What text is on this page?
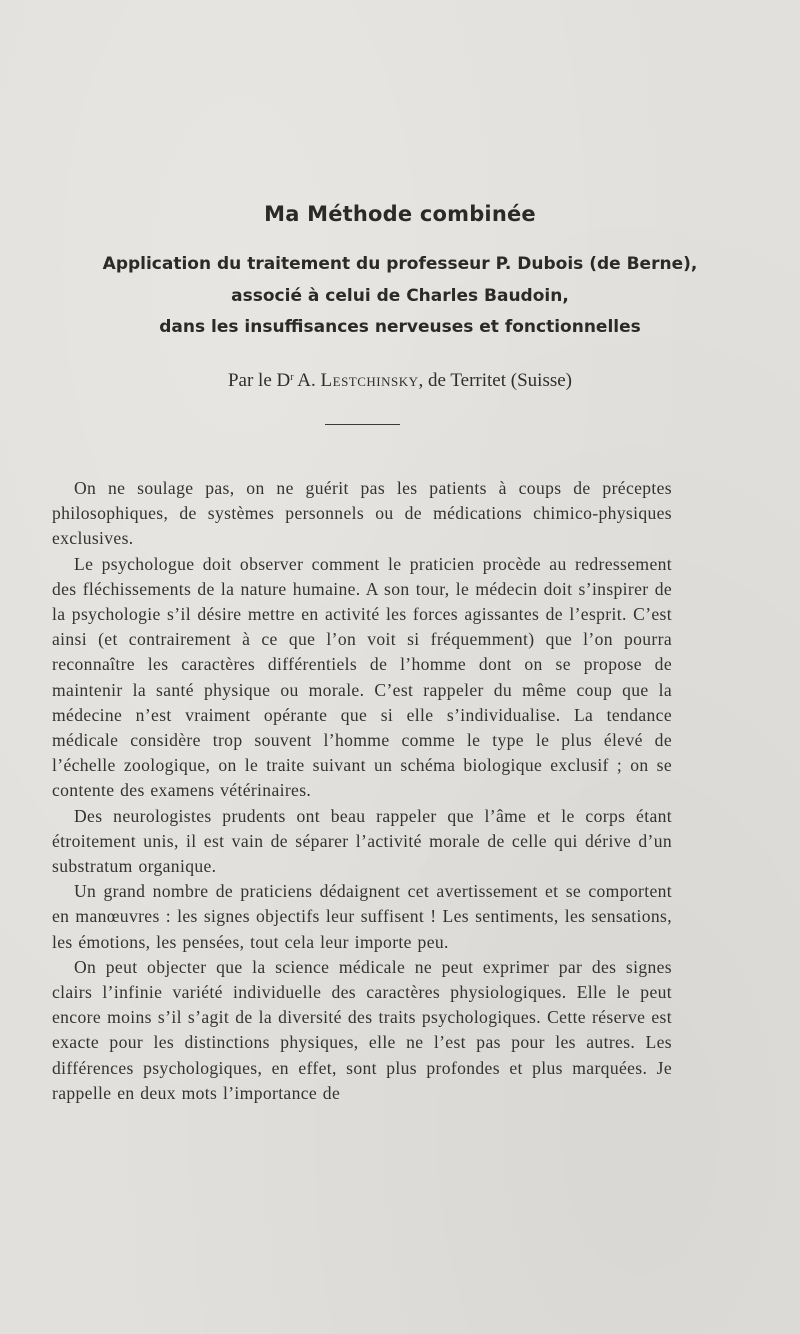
Ma Méthode combinée
Application du traitement du professeur P. Dubois (de Berne),
associé à celui de Charles Baudoin,
dans les insuffisances nerveuses et fonctionnelles
Par le $D^r$ A. Lestchinsky, de Territet (Suisse)

On ne soulage pas, on ne guérit pas les patients à coups de préceptes philosophiques, de systèmes personnels ou de médications chimico-physiques exclusives.

Le psychologue doit observer comment le praticien procède au redressement des fléchissements de la nature humaine. A son tour, le médecin doit s’inspirer de la psychologie s’il désire mettre en activité les forces agissantes de l’esprit. C’est ainsi (et contrairement à ce que l’on voit si fréquemment) que l’on pourra reconnaître les caractères différentiels de l’homme dont on se propose de maintenir la santé physique ou morale. C’est rappeler du même coup que la médecine n’est vraiment opérante que si elle s’individualise. La tendance médicale considère trop souvent l’homme comme le type le plus élevé de l’échelle zoologique, on le traite suivant un schéma biologique exclusif ; on se contente des examens vétérinaires.

Des neurologistes prudents ont beau rappeler que l’âme et le corps étant étroitement unis, il est vain de séparer l’activité morale de celle qui dérive d’un substratum organique.

Un grand nombre de praticiens dédaignent cet avertissement et se comportent en manœuvres : les signes objectifs leur suffisent ! Les sentiments, les sensations, les émotions, les pensées, tout cela leur importe peu.

On peut objecter que la science médicale ne peut exprimer par des signes clairs l’infinie variété individuelle des caractères physiologiques. Elle le peut encore moins s’il s’agit de la diversité des traits psychologiques. Cette réserve est exacte pour les distinctions physiques, elle ne l’est pas pour les autres. Les différences psychologiques, en effet, sont plus profondes et plus marquées. Je rappelle en deux mots l’importance de
